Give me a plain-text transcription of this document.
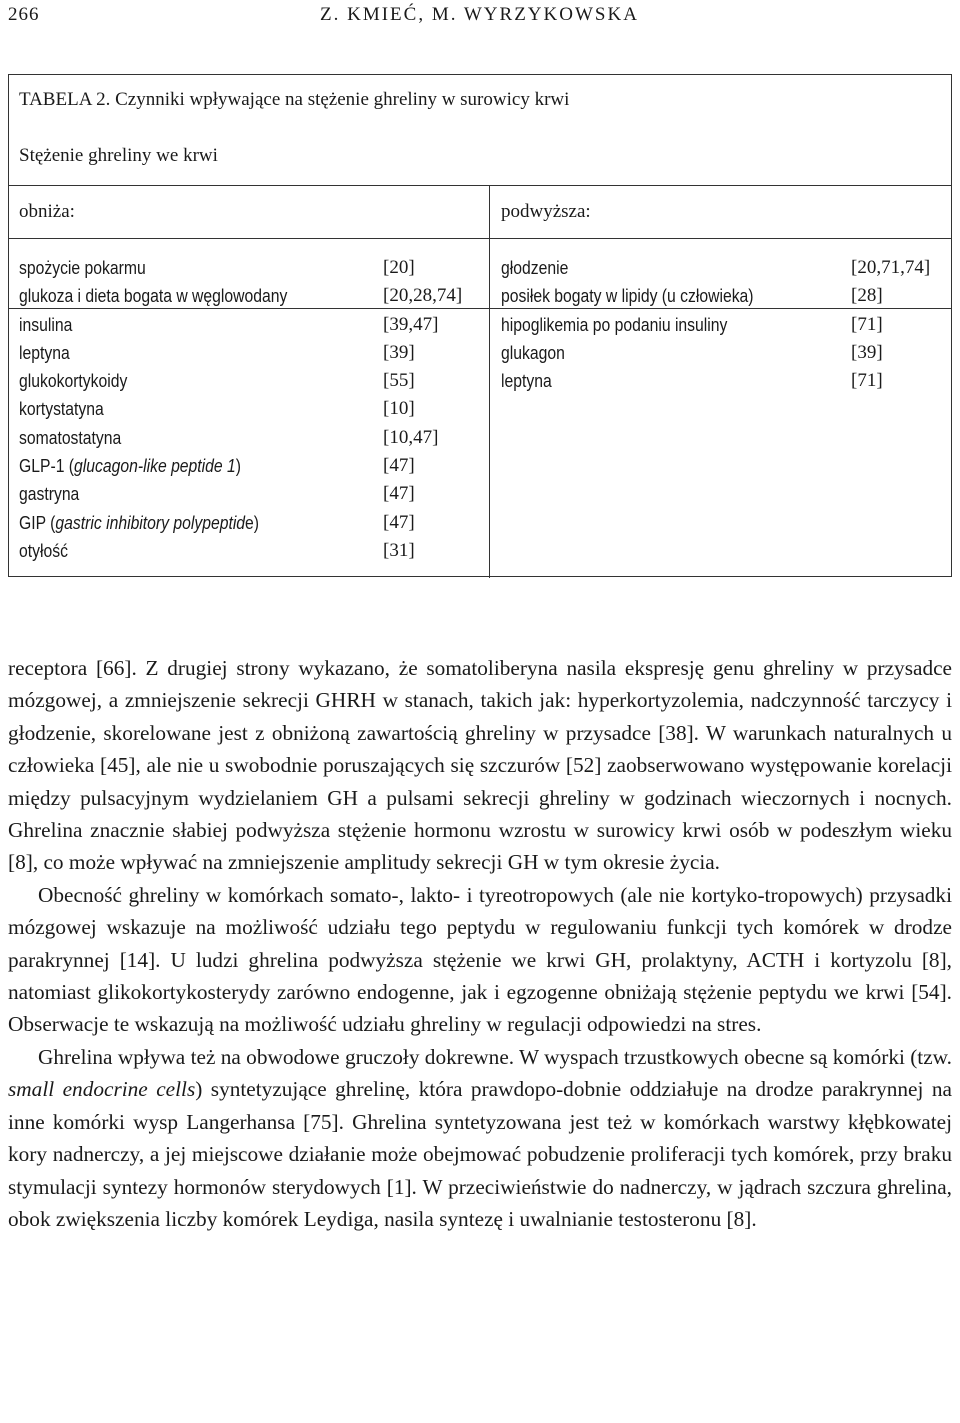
266	Z. KMIEĆ, M. WYRZYKOWSKA
TABELA 2. Czynniki wpływające na stężenie ghreliny w surowicy krwi
Stężenie ghreliny we krwi
obniża:	podwyższa:
spożycie pokarmu
glukoza i dieta bogata w węglowodany
insulina
leptyna
glukokortykoidy
kortystatyna
somatostatyna
GLP-1 (glucagon-like peptide 1)
gastryna
GIP (gastric inhibitory polypeptide)
otyłość
[20]
[20,28,74]
[39,47]
[39]
[55]
[10]
[10,47]
[47]
[47]
[47]
[31]
głodzenie
posiłek bogaty w lipidy (u człowieka)
hipoglikemia po podaniu insuliny
glukagon
leptyna
[20,71,74]
[28]
[71]
[39]
[71]

receptora [66]. Z drugiej strony wykazano, że somatoliberyna nasila ekspresję genu ghreliny w przysadce mózgowej, a zmniejszenie sekrecji GHRH w stanach, takich jak: hyperkortyzolemia, nadczynność tarczycy i głodzenie, skorelowane jest z obniżoną zawartością ghreliny w przysadce [38]. W warunkach naturalnych u człowieka [45], ale nie u swobodnie poruszających się szczurów [52] zaobserwowano występowanie korelacji między pulsacyjnym wydzielaniem GH a pulsami sekrecji ghreliny w godzinach wieczornych i nocnych. Ghrelina znacznie słabiej podwyższa stężenie hormonu wzrostu w surowicy krwi osób w podeszłym wieku [8], co może wpływać na zmniejszenie amplitudy sekrecji GH w tym okresie życia.

Obecność ghreliny w komórkach somato-, lakto- i tyreotropowych (ale nie kortyko-tropowych) przysadki mózgowej wskazuje na możliwość udziału tego peptydu w regulowaniu funkcji tych komórek w drodze parakrynnej [14]. U ludzi ghrelina podwyższa stężenie we krwi GH, prolaktyny, ACTH i kortyzolu [8], natomiast glikokortykosterydy zarówno endogenne, jak i egzogenne obniżają stężenie peptydu we krwi [54]. Obserwacje te wskazują na możliwość udziału ghreliny w regulacji odpowiedzi na stres.

Ghrelina wpływa też na obwodowe gruczoły dokrewne. W wyspach trzustkowych obecne są komórki (tzw. small endocrine cells) syntetyzujące ghrelinę, która prawdopo-dobnie oddziałuje na drodze parakrynnej na inne komórki wysp Langerhansa [75]. Ghrelina syntetyzowana jest też w komórkach warstwy kłębkowatej kory nadnerczy, a jej miejscowe działanie może obejmować pobudzenie proliferacji tych komórek, przy braku stymulacji syntezy hormonów sterydowych [1]. W przeciwieństwie do nadnerczy, w jądrach szczura ghrelina, obok zwiększenia liczby komórek Leydiga, nasila syntezę i uwalnianie testosteronu [8].
